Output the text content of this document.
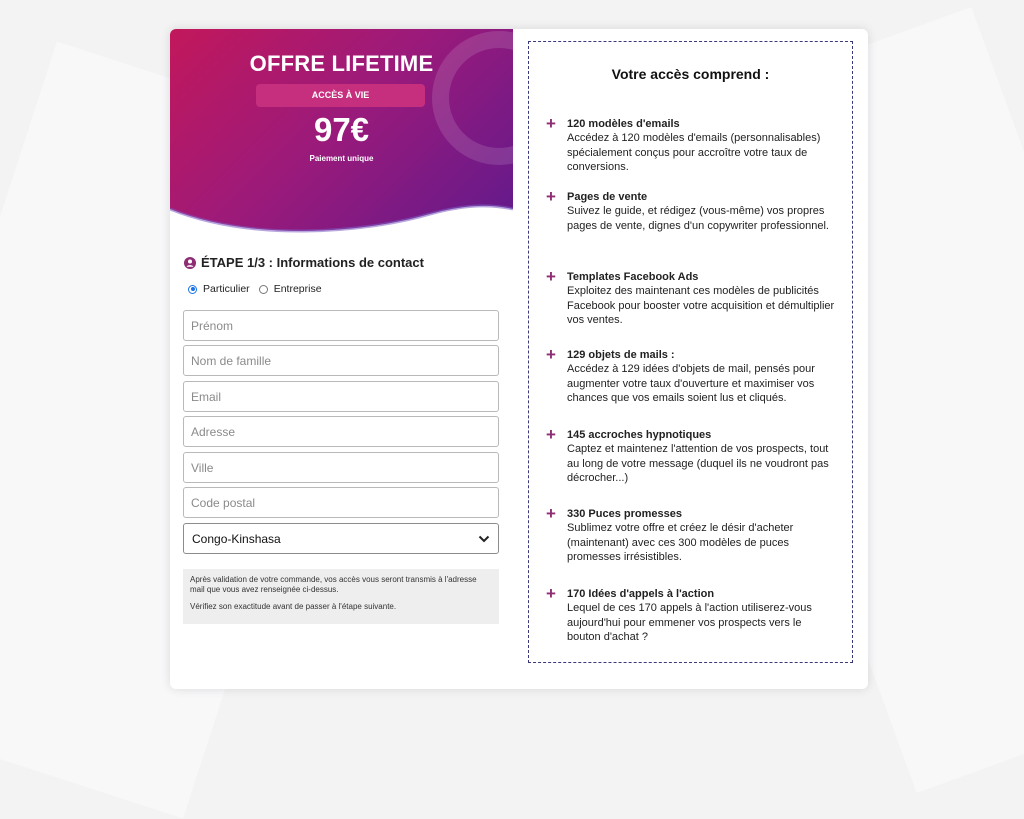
OFFRE LIFETIME
ACCÈS À VIE
97€
Paiement unique
ÉTAPE 1/3 : Informations de contact
Particulier Entreprise
Prénom
Nom de famille
Email
Adresse
Ville
Code postal
Congo-Kinshasa

Après validation de votre commande, vos accès vous seront transmis à l'adresse mail que vous avez renseignée ci-dessus.

Vérifiez son exactitude avant de passer à l'étape suivante.

Votre accès comprend :
+ 120 modèles d'emails
Accédez à 120 modèles d'emails (personnalisables) spécialement conçus pour accroître votre taux de conversions.
+ Pages de vente
Suivez le guide, et rédigez (vous-même) vos propres pages de vente, dignes d'un copywriter professionnel.
+ Templates Facebook Ads
Exploitez des maintenant ces modèles de publicités Facebook pour booster votre acquisition et démultiplier vos ventes.
+ 129 objets de mails :
Accédez à 129 idées d'objets de mail, pensés pour augmenter votre taux d'ouverture et maximiser vos chances que vos emails soient lus et cliqués.
+ 145 accroches hypnotiques
Captez et maintenez l'attention de vos prospects, tout au long de votre message (duquel ils ne voudront pas décrocher...)
+ 330 Puces promesses
Sublimez votre offre et créez le désir d'acheter (maintenant) avec ces 300 modèles de puces promesses irrésistibles.
+ 170 Idées d'appels à l'action
Lequel de ces 170 appels à l'action utiliserez-vous aujourd'hui pour emmener vos prospects vers le bouton d'achat ?
